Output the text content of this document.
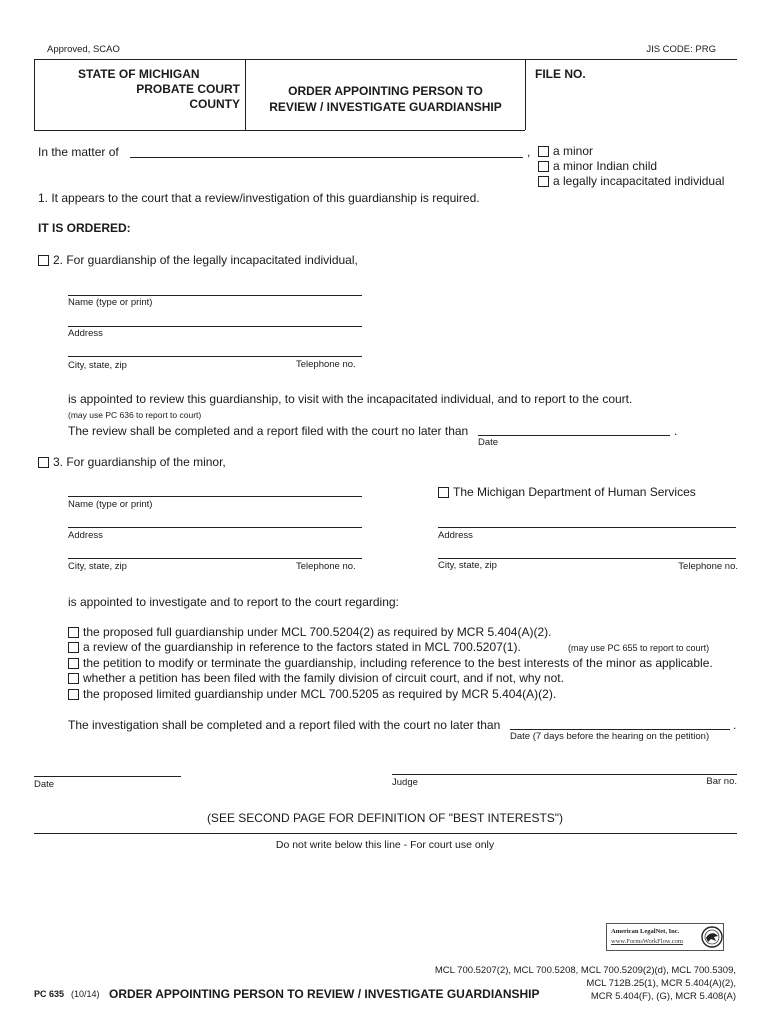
Approved, SCAO	JIS CODE: PRG
STATE OF MICHIGAN
PROBATE COURT
COUNTY
ORDER APPOINTING PERSON TO
REVIEW / INVESTIGATE GUARDIANSHIP
FILE NO.
In the matter of	, a minor
a minor Indian child
a legally incapacitated individual
1. It appears to the court that a review/investigation of this guardianship is required.
IT IS ORDERED:
2. For guardianship of the legally incapacitated individual,
Name (type or print)
Address
City, state, zip	Telephone no.
is appointed to review this guardianship, to visit with the incapacitated individual, and to report to the court.
(may use PC 636 to report to court)
The review shall be completed and a report filed with the court no later than	.
Date
3. For guardianship of the minor,
Name (type or print)
Address
City, state, zip	Telephone no.
The Michigan Department of Human Services
Address
City, state, zip	Telephone no.
is appointed to investigate and to report to the court regarding:
the proposed full guardianship under MCL 700.5204(2) as required by MCR 5.404(A)(2).
a review of the guardianship in reference to the factors stated in MCL 700.5207(1).	(may use PC 655 to report to court)
the petition to modify or terminate the guardianship, including reference to the best interests of the minor as applicable.
whether a petition has been filed with the family division of circuit court, and if not, why not.
the proposed limited guardianship under MCL 700.5205 as required by MCR 5.404(A)(2).
The investigation shall be completed and a report filed with the court no later than	.
Date (7 days before the hearing on the petition)
Date	Judge	Bar no.
(SEE SECOND PAGE FOR DEFINITION OF "BEST INTERESTS")
Do not write below this line - For court use only
American LegalNet, Inc.
www.FormsWorkFlow.com
MCL 700.5207(2), MCL 700.5208, MCL 700.5209(2)(d), MCL 700.5309,
MCL 712B.25(1), MCR 5.404(A)(2),
MCR 5.404(F), (G), MCR 5.408(A)
PC 635 (10/14) ORDER APPOINTING PERSON TO REVIEW / INVESTIGATE GUARDIANSHIP
